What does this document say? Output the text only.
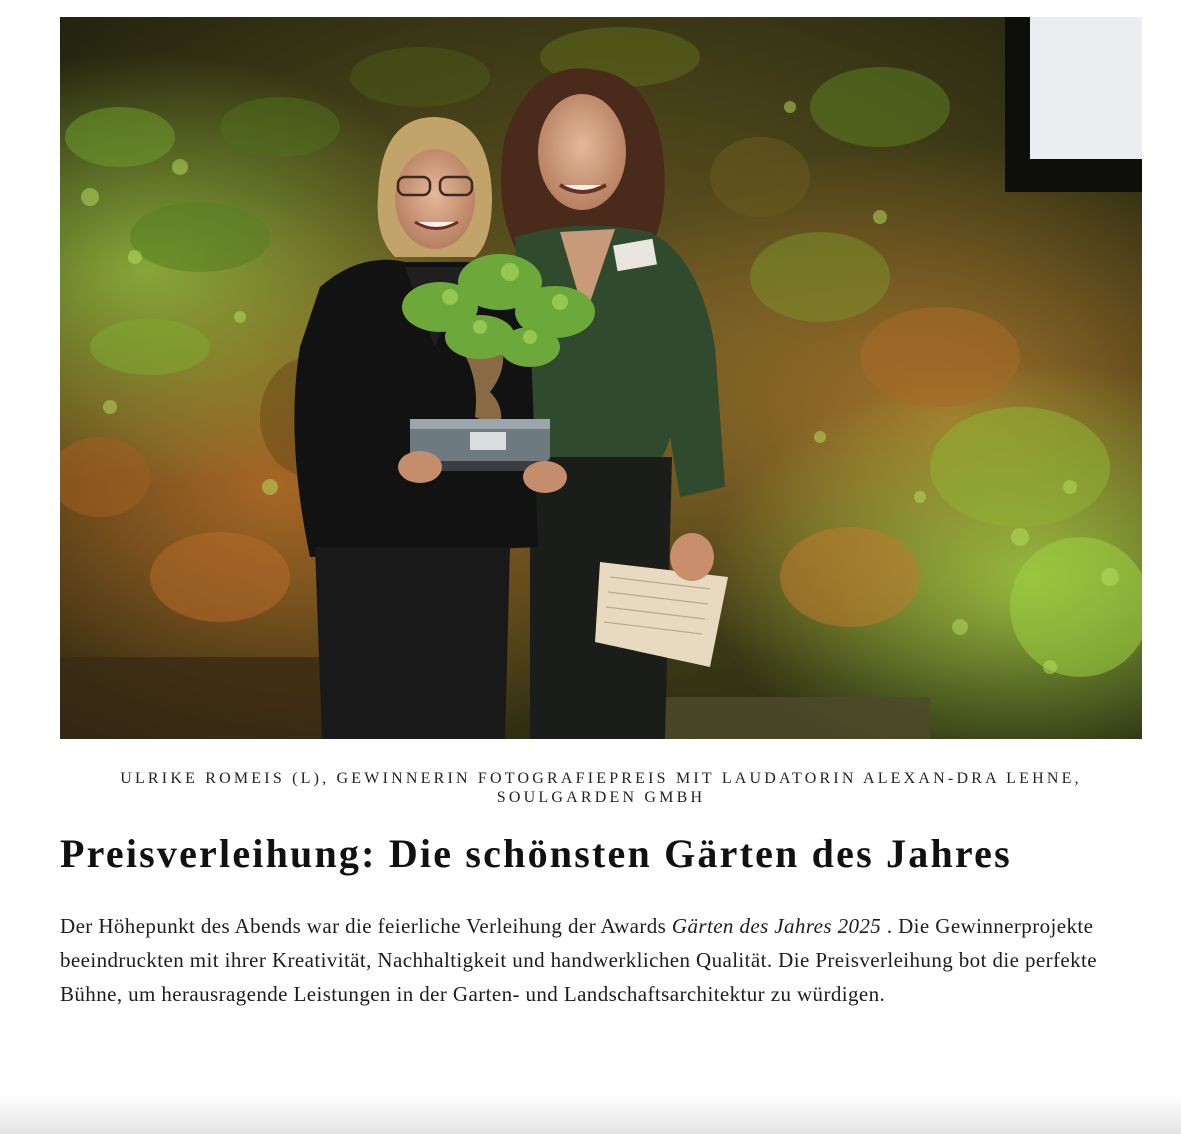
ULRIKE ROMEIS (L), GEWINNERIN FOTOGRAFIEPREIS MIT LAUDATORIN ALEXAN-DRA LEHNE, SOULGARDEN GMBH
Preisverleihung: Die schönsten Gärten des Jahres

Der Höhepunkt des Abends war die feierliche Verleihung der Awards Gärten des Jahres 2025 . Die Gewinnerprojekte beeindruckten mit ihrer Kreativität, Nachhaltigkeit und handwerklichen Qualität. Die Preisverleihung bot die perfekte Bühne, um herausragende Leistungen in der Garten- und Landschaftsarchitektur zu würdigen.
